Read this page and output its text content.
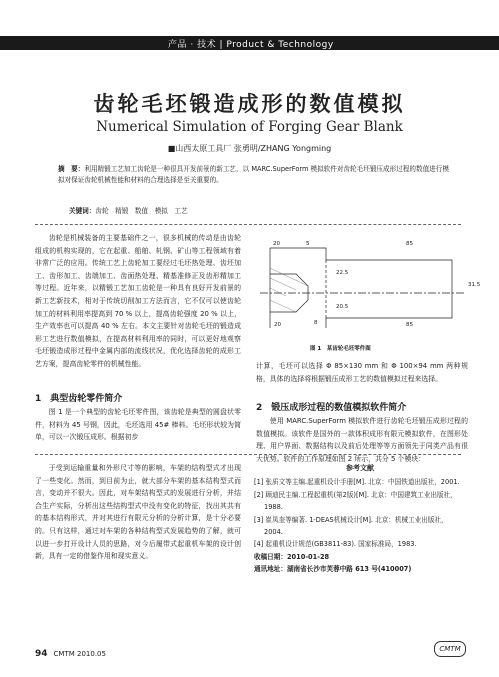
产品 · 技术 | Product & Technology
齿轮毛坯锻造成形的数值模拟
Numerical Simulation of Forging Gear Blank
■山西太原工具厂 张勇明/ZHANG Yongming
摘　要：利用精锻工艺加工齿轮是一种很具开发前景的新工艺，以 MARC.SuperForm 模拟软件对齿轮毛坯锻压成形过程的数值进行模拟对保证齿轮机械性能和材料的合理选择是至关重要的。
关键词：齿轮　精锻　数值　模拟　工艺

齿轮是机械装备的主要基础件之一，很多机械的传动是由齿轮组成的机构实现的，它在起重、船舶、轧钢、矿山等工程领域有着非常广泛的应用。传统工艺上齿轮加工要经过毛坯热处理、齿坯加工、齿形加工、齿端加工、齿面热处理、精基准修正及齿形精加工等过程。近年来，以精锻工艺加工齿轮是一种具有良好开发前景的新工艺新技术，相对于传统切削加工方法而言，它不仅可以使齿轮加工的材料利用率提高到 70 % 以上，提高齿轮强度 20 % 以上，生产效率也可以提高 40 % 左右。本文主要针对齿轮毛坯的锻造成形工艺进行数值模拟，在提高材料利用率的同时，可以更好地观察毛坯锻造成形过程中金属内部的流线状况，优化选择齿轮的成形工艺方案，提高齿轮零件的机械性能。

1　典型齿轮零件简介

图 1 是一个典型的齿轮毛坯零件图，该齿轮是典型的圆盘状零件，材料为 45 号钢，因此，毛坯选用 45# 棒料。毛坯形状较为简单，可以一次锻压成形。根据初步

20	5	85
22.5
20.5
20
31.5
8	85
图 1　某齿轮毛坯零件图

计算，毛坯可以选择 Φ 85×130 mm 和 Φ 100×94 mm 两种规格，具体的选择将根据锻压成形工艺的数值模拟过程来选择。

2　锻压成形过程的数值模拟软件简介

使用 MARC.SuperForm 模拟软件进行齿轮毛坯锻压成形过程的数值模拟。该软件是国外的一款体积成形有限元模拟软件，在图形处理、用户界面、数据结构以及前后处理等等方面领先于同类产品有很大优势。软件的工作原理如图 2 所示，共分 5 个模块：

于受到运输重量和外形尺寸等的影响，车架的结构型式才出现了一些变化。然而，到目前为止，就大部分车架的基本结构型式而言，变动并不很大。因此，对车架结构型式的发展进行分析，并结合生产实际，分析出这些结构型式中没有变化的特征，找出其共有的基本结构形式，并对其进行有限元分析的分析计算，是十分必要的。只有这样，通过对车架的各种结构型式发展趋势的了解，就可以进一步打开设计人员的思路，对今后履带式起重机车架的设计创新，具有一定的借鉴作用和现实意义。

参考文献
[1] 张质文等主编.起重机设计手册[M]. 北京：中国铁道出版社，2001.
[2] 顾迪民主编.工程起重机(第2版)[M]. 北京：中国建筑工业出版社，1988.
[3] 崔凤奎等编著. 1-DEAS机械设计[M]. 北京：机械工业出版社，2004.
[4] 起重机设计规范(GB3811-83). 国家标准局，1983.
收稿日期：2010-01-28
通讯地址：湖南省长沙市芙蓉中路 613 号(410007)
94 CMTM 2010.05
CMTM
